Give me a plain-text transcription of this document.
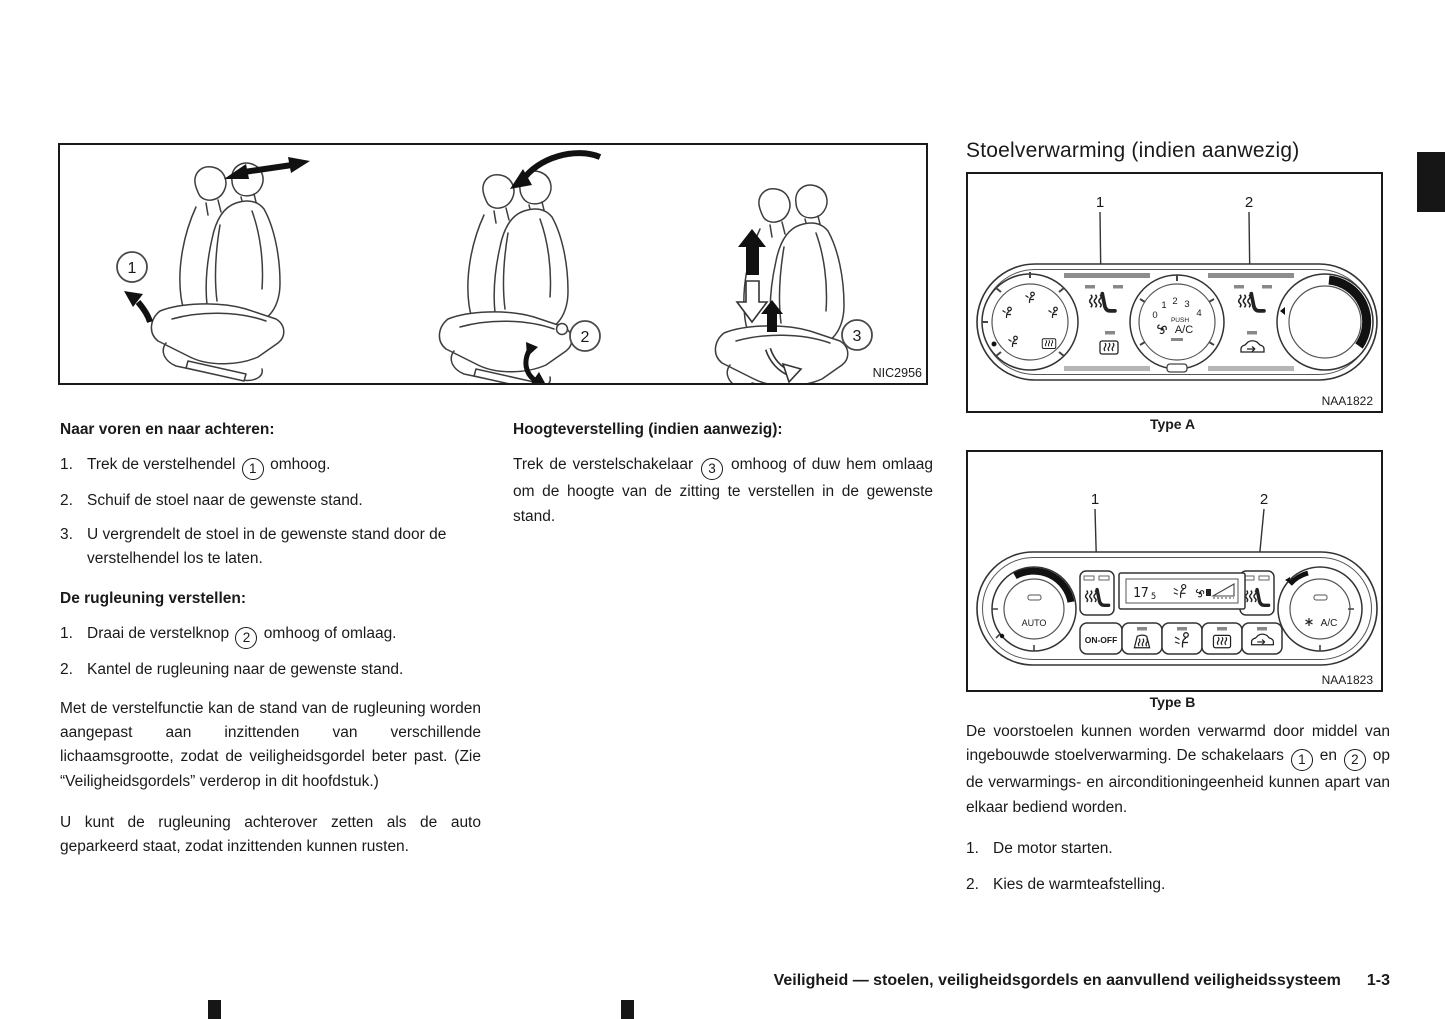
1
2	3
NIC2956

Naar voren en naar achteren:

1. Trek de verstelhendel 1 omhoog.
2. Schuif de stoel naar de gewenste stand.
3. U vergrendelt de stoel in de gewenste stand door de verstelhendel los te laten.

De rugleuning verstellen:

1. Draai de verstelknop 2 omhoog of omlaag.
2. Kantel de rugleuning naar de gewenste stand.

Met de verstelfunctie kan de stand van de rugleuning worden aangepast aan inzittenden van verschillende lichaamsgrootte, zodat de veiligheidsgordel beter past. (Zie “Veiligheidsgordels” verderop in dit hoofdstuk.)

U kunt de rugleuning achterover zetten als de auto geparkeerd staat, zodat inzittenden kunnen rusten.

Hoogteverstelling (indien aanwezig):

Trek de verstelschakelaar 3 omhoog of duw hem omlaag om de hoogte van de zitting te verstellen in de gewenste stand.

Stoelverwarming (indien aanwezig)
1	2
0
1 2 3
4
PUSH
A/C
NAA1822
Type A
1	2
AUTO
17 5
ON-OFF
A/C
NAA1823
Type B

De voorstoelen kunnen worden verwarmd door middel van ingebouwde stoelverwarming. De schakelaars 1 en 2 op de verwarmings- en airconditioningeenheid kunnen apart van elkaar bediend worden.

1. De motor starten.
2. Kies de warmteafstelling.
Veiligheid — stoelen, veiligheidsgordels en aanvullend veiligheidssysteem 1-3
